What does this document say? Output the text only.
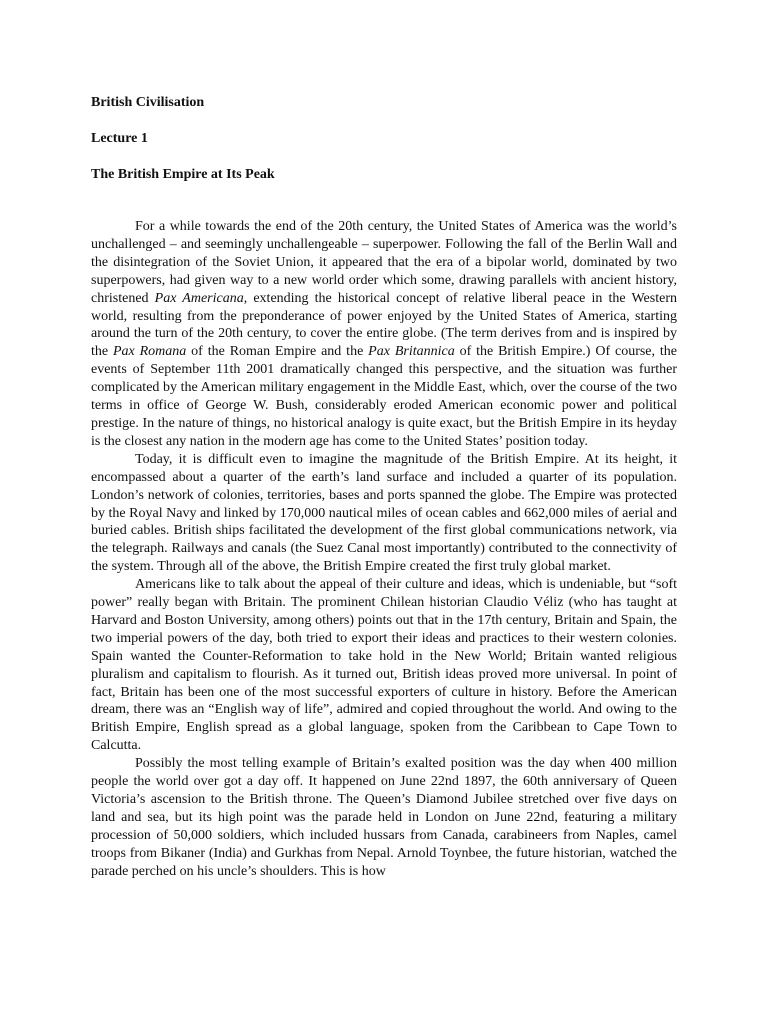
British Civilisation

Lecture 1

The British Empire at Its Peak

For a while towards the end of the 20th century, the United States of America was the world’s unchallenged – and seemingly unchallengeable – superpower. Following the fall of the Berlin Wall and the disintegration of the Soviet Union, it appeared that the era of a bipolar world, dominated by two superpowers, had given way to a new world order which some, drawing parallels with ancient history, christened Pax Americana, extending the historical concept of relative liberal peace in the Western world, resulting from the preponderance of power enjoyed by the United States of America, starting around the turn of the 20th century, to cover the entire globe. (The term derives from and is inspired by the Pax Romana of the Roman Empire and the Pax Britannica of the British Empire.) Of course, the events of September 11th 2001 dramatically changed this perspective, and the situation was further complicated by the American military engagement in the Middle East, which, over the course of the two terms in office of George W. Bush, considerably eroded American economic power and political prestige. In the nature of things, no historical analogy is quite exact, but the British Empire in its heyday is the closest any nation in the modern age has come to the United States’ position today.

Today, it is difficult even to imagine the magnitude of the British Empire. At its height, it encompassed about a quarter of the earth’s land surface and included a quarter of its population. London’s network of colonies, territories, bases and ports spanned the globe. The Empire was protected by the Royal Navy and linked by 170,000 nautical miles of ocean cables and 662,000 miles of aerial and buried cables. British ships facilitated the development of the first global communications network, via the telegraph. Railways and canals (the Suez Canal most importantly) contributed to the connectivity of the system. Through all of the above, the British Empire created the first truly global market.

Americans like to talk about the appeal of their culture and ideas, which is undeniable, but “soft power” really began with Britain. The prominent Chilean historian Claudio Véliz (who has taught at Harvard and Boston University, among others) points out that in the 17th century, Britain and Spain, the two imperial powers of the day, both tried to export their ideas and practices to their western colonies. Spain wanted the Counter-Reformation to take hold in the New World; Britain wanted religious pluralism and capitalism to flourish. As it turned out, British ideas proved more universal. In point of fact, Britain has been one of the most successful exporters of culture in history. Before the American dream, there was an “English way of life”, admired and copied throughout the world. And owing to the British Empire, English spread as a global language, spoken from the Caribbean to Cape Town to Calcutta.

Possibly the most telling example of Britain’s exalted position was the day when 400 million people the world over got a day off. It happened on June 22nd 1897, the 60th anniversary of Queen Victoria’s ascension to the British throne. The Queen’s Diamond Jubilee stretched over five days on land and sea, but its high point was the parade held in London on June 22nd, featuring a military procession of 50,000 soldiers, which included hussars from Canada, carabineers from Naples, camel troops from Bikaner (India) and Gurkhas from Nepal. Arnold Toynbee, the future historian, watched the parade perched on his uncle’s shoulders. This is how
